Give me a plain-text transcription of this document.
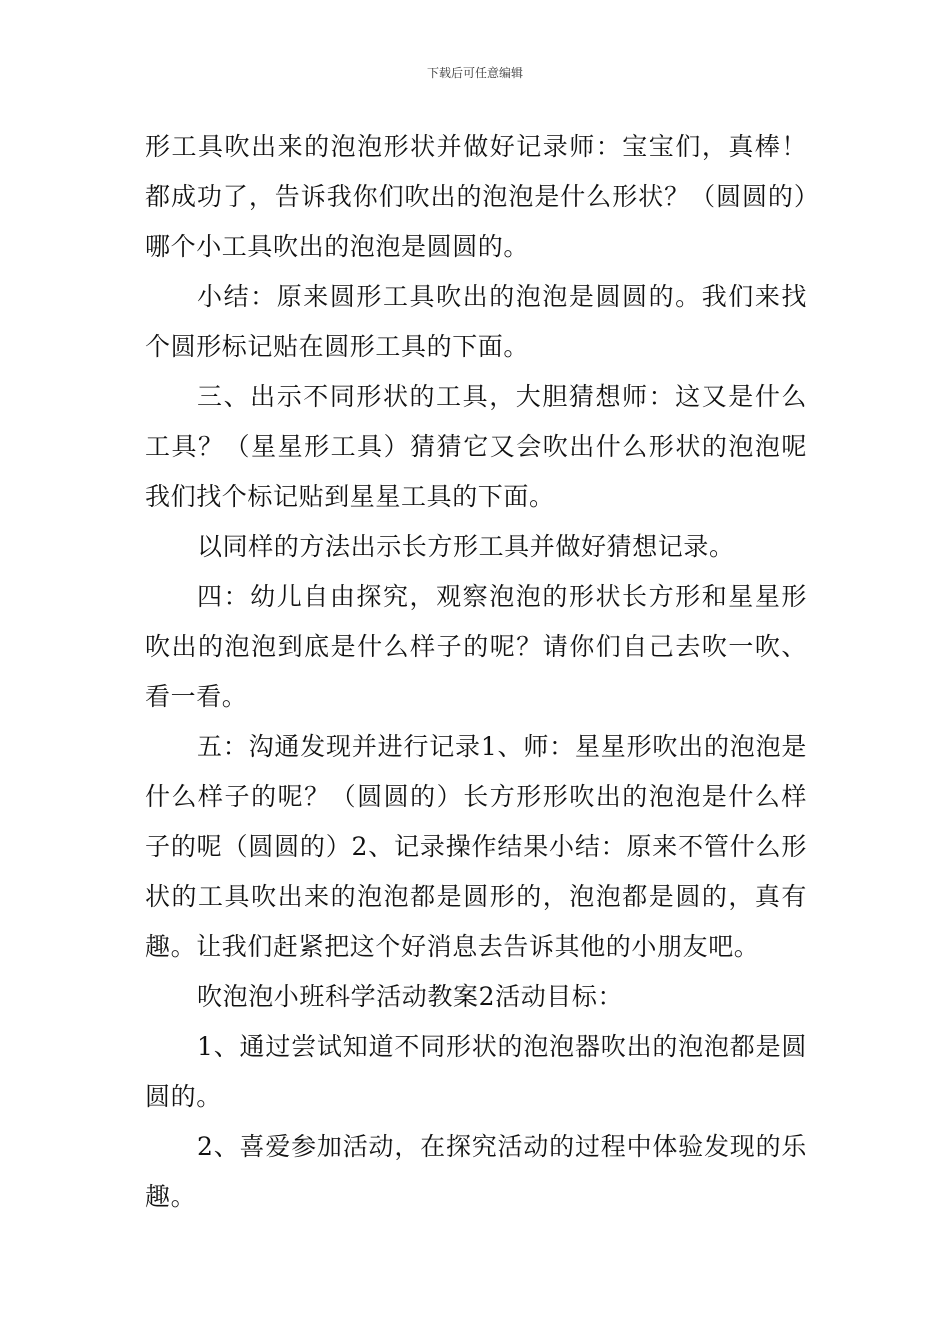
下载后可任意编辑

形工具吹出来的泡泡形状并做好记录师：宝宝们，真棒！都成功了，告诉我你们吹出的泡泡是什么形状？（圆圆的）哪个小工具吹出的泡泡是圆圆的。

小结：原来圆形工具吹出的泡泡是圆圆的。我们来找个圆形标记贴在圆形工具的下面。

三、出示不同形状的工具，大胆猜想师：这又是什么工具？（星星形工具）猜猜它又会吹出什么形状的泡泡呢我们找个标记贴到星星工具的下面。

以同样的方法出示长方形工具并做好猜想记录。

四：幼儿自由探究，观察泡泡的形状长方形和星星形吹出的泡泡到底是什么样子的呢？请你们自己去吹一吹、看一看。

五：沟通发现并进行记录1、师：星星形吹出的泡泡是什么样子的呢？（圆圆的）长方形形吹出的泡泡是什么样子的呢（圆圆的）2、记录操作结果小结：原来不管什么形状的工具吹出来的泡泡都是圆形的，泡泡都是圆的，真有趣。让我们赶紧把这个好消息去告诉其他的小朋友吧。

吹泡泡小班科学活动教案2活动目标：

1、通过尝试知道不同形状的泡泡器吹出的泡泡都是圆圆的。

2、喜爱参加活动，在探究活动的过程中体验发现的乐趣。
